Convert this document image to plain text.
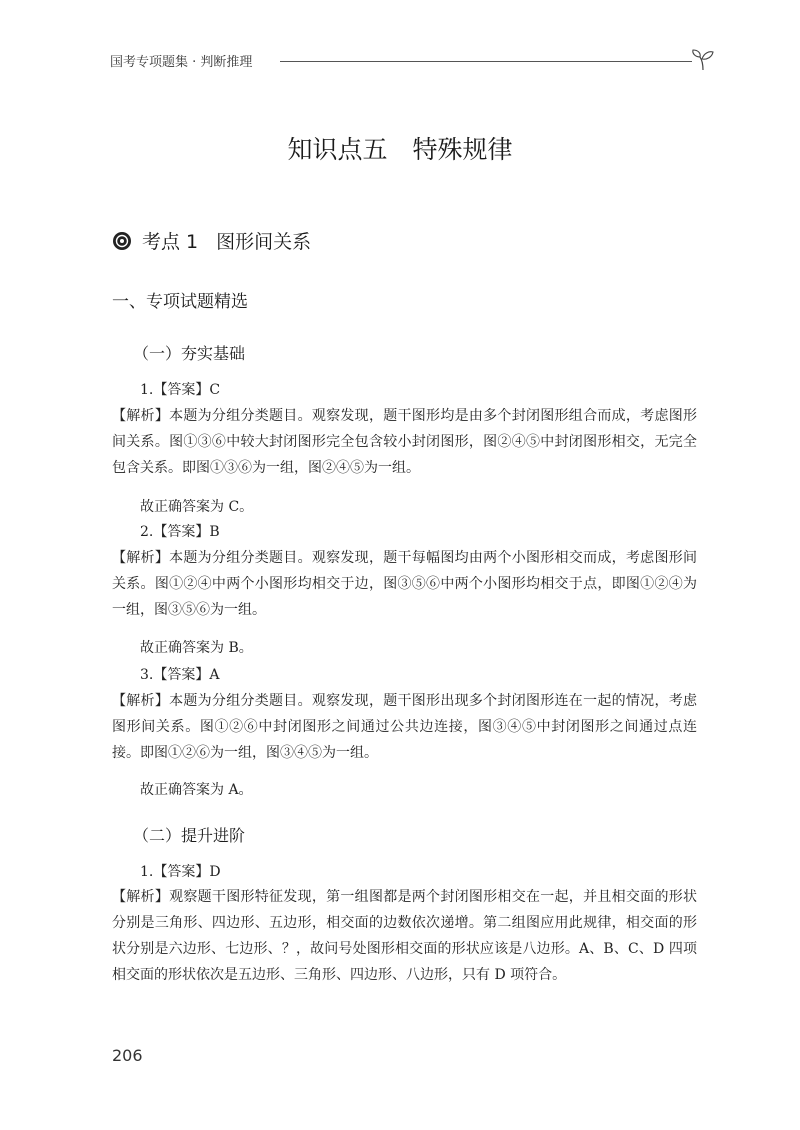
国考专项题集 · 判断推理
知识点五　特殊规律
考点 1 图形间关系
一、专项试题精选
（一）夯实基础
1.【答案】C
【解析】本题为分组分类题目。观察发现，题干图形均是由多个封闭图形组合而成，考虑图形间关系。图①③⑥中较大封闭图形完全包含较小封闭图形，图②④⑤中封闭图形相交，无完全包含关系。即图①③⑥为一组，图②④⑤为一组。
故正确答案为 C。
2.【答案】B
【解析】本题为分组分类题目。观察发现，题干每幅图均由两个小图形相交而成，考虑图形间关系。图①②④中两个小图形均相交于边，图③⑤⑥中两个小图形均相交于点，即图①②④为一组，图③⑤⑥为一组。
故正确答案为 B。
3.【答案】A
【解析】本题为分组分类题目。观察发现，题干图形出现多个封闭图形连在一起的情况，考虑图形间关系。图①②⑥中封闭图形之间通过公共边连接，图③④⑤中封闭图形之间通过点连接。即图①②⑥为一组，图③④⑤为一组。
故正确答案为 A。
（二）提升进阶
1.【答案】D
【解析】观察题干图形特征发现，第一组图都是两个封闭图形相交在一起，并且相交面的形状分别是三角形、四边形、五边形，相交面的边数依次递增。第二组图应用此规律，相交面的形状分别是六边形、七边形、？，故问号处图形相交面的形状应该是八边形。A、B、C、D 四项相交面的形状依次是五边形、三角形、四边形、八边形，只有 D 项符合。
206
